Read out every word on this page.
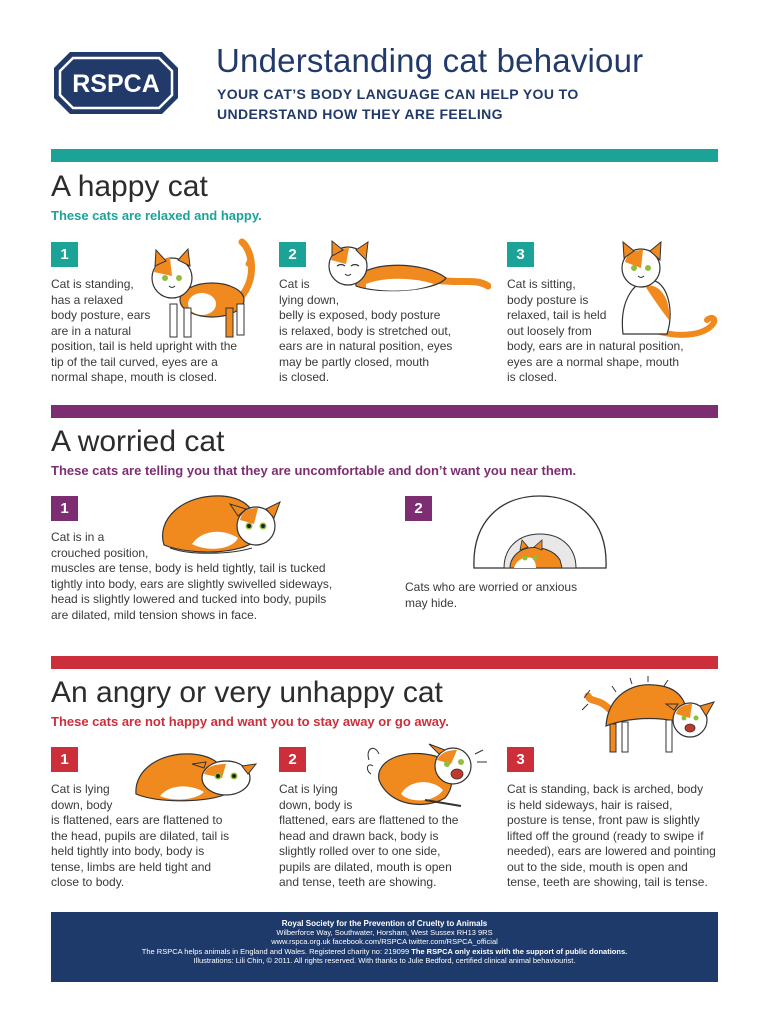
RSPCA
Understanding cat behaviour
YOUR CAT’S BODY LANGUAGE CAN HELP YOU TO
UNDERSTAND HOW THEY ARE FEELING
A happy cat
These cats are relaxed and happy.
1
Cat is standing,
has a relaxed
body posture, ears
are in a natural
position, tail is held upright with the
tip of the tail curved, eyes are a
normal shape, mouth is closed.
2
Cat is
lying down,
belly is exposed, body posture
is relaxed, body is stretched out,
ears are in natural position, eyes
may be partly closed, mouth
is closed.
3
Cat is sitting,
body posture is
relaxed, tail is held
out loosely from
body, ears are in natural position,
eyes are a normal shape, mouth
is closed.
A worried cat
These cats are telling you that they are uncomfortable and don’t want you near them.
1
Cat is in a
crouched position,
muscles are tense, body is held tightly, tail is tucked
tightly into body, ears are slightly swivelled sideways,
head is slightly lowered and tucked into body, pupils
are dilated, mild tension shows in face.
2
Cats who are worried or anxious
may hide.
An angry or very unhappy cat
These cats are not happy and want you to stay away or go away.
1
Cat is lying
down, body
is flattened, ears are flattened to
the head, pupils are dilated, tail is
held tightly into body, body is
tense, limbs are held tight and
close to body.
2
Cat is lying
down, body is
flattened, ears are flattened to the
head and drawn back, body is
slightly rolled over to one side,
pupils are dilated, mouth is open
and tense, teeth are showing.
3
Cat is standing, back is arched, body
is held sideways, hair is raised,
posture is tense, front paw is slightly
lifted off the ground (ready to swipe if
needed), ears are lowered and pointing
out to the side, mouth is open and
tense, teeth are showing, tail is tense.
Royal Society for the Prevention of Cruelty to Animals
Wilberforce Way, Southwater, Horsham, West Sussex RH13 9RS
www.rspca.org.uk facebook.com/RSPCA twitter.com/RSPCA_official
The RSPCA helps animals in England and Wales. Registered charity no: 219099 The RSPCA only exists with the support of public donations.
Illustrations: Lili Chin, © 2011. All rights reserved. With thanks to Julie Bedford, certified clinical animal behaviourist.
